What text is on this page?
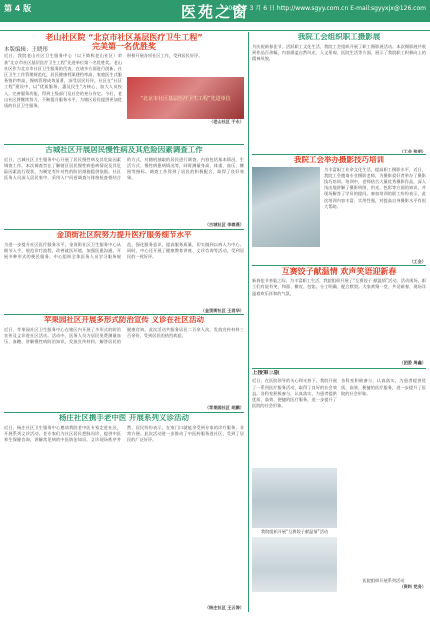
第 4 版	医苑之窗
2016 年 3 月 6 日 http://www.sgyy.com.cn E-mail:sgyyxjx@126.com
本版编辑：王晓彤
老山社区院 “北京市社区基层医疗卫生工程”
完美第一名优胜奖
近日，我院老山社区卫生服务中心（以下简称老山社区）荣获“北京市社区基层医疗卫生工程”先进单位第一名优胜奖。老山社区作为北京市社区卫生服务的代表，在诸多方面进行创新，社区卫生工作管理规范化，居民健康档案建档率高，家庭医生式服务签约率高，慢病管理成效显著，深受居民好评。社区在“社区工程”建设中，以“优质服务、惠及民生”为核心，加大人员投入，完善服务功能，得到上级部门及社会的充分肯定。今后，老山社区将继续努力，不断提升服务水平，为辖区居民提供更加优质的社区卫生服务。
积极开展各项社区工作，受到居民好评。
“北京市社区基层医疗卫生工程”先进单位
（老山社区 于永）
古城社区开展居民慢性病及其危险因素调查工作
近日，古城社区卫生服务中心开展了居民慢性病及其危险因素调查工作。本次调查旨在了解辖区居民慢性病患病情况及其危险因素流行现状，为制定有针对性的防治措施提供依据。社区医务人员深入居民家中，采用入户问卷调查与体格检查相结合的方式，对随机抽取的居民进行调查，内容包括基本情况、生活方式、慢性病患病情况等，同时测量身高、体重、血压、腰围等指标。调查工作得到了居民的积极配合，取得了良好效果。
（古城社区 李春燕）
金顶街社区院努力提升医疗服务细节水平
为进一步提升社区医疗服务水平，金顶街社区卫生服务中心从细节入手，规范诊疗流程，改善就医环境，加强医患沟通，开展多种形式的便民服务。中心组织全体医务人员学习服务规范，强化服务意识，提高服务质量，切实做到以病人为中心。同时，中心还开展了健康教育讲座、义诊咨询等活动，受到居民的一致好评。
（金顶街社区 王君华）
苹果园社区开展多形式防治宣传 义诊在社区活动
近日，苹果园社区卫生服务中心在辖区内开展了多形式的防治宣传及义诊进社区活动。活动中，医务人员为居民免费测量血压、血糖，讲解慢性病防治知识，发放宣传材料，解答居民的健康咨询。此次活动共服务居民二百余人次，发放宣传材料三百余份，受到居民的热烈欢迎。
（苹果园社区 胡鹏）
杨庄社区携手老中医 开展系列义诊活动
近日，杨庄社区卫生服务中心邀请我院老中医专家走进社区，开展系列义诊活动。老专家们为社区居民把脉问诊，提供中医养生保健咨询，讲解常见病的中医防治知识。义诊现场秩序井然，居民纷纷表示，在家门口就能享受到专家的诊疗服务，非常方便。此次活动进一步推动了中医药服务进社区，受到了居民的广泛好评。
（杨庄社区 王云涛）
我院工会组织职工摄影展
为庆祝新春佳节，活跃职工文化生活，我院工会组织开展了职工摄影展活动。本次摄影展共收到作品百余幅，内容涵盖自然风光、人文景观、医院生活等方面，展示了我院职工积极向上的精神风貌。
（工会 张明）
我院工会举办摄影技巧培训
为丰富职工业余文化生活，提高职工摄影水平，近日，我院工会邀请专业摄影老师，为摄影爱好者举办了摄影技巧培训。培训中，老师结合大量优秀摄影作品，深入浅出地讲解了摄影构图、用光、色彩等方面的知识，并现场解答了学员的提问。参加培训的职工纷纷表示，此次培训内容丰富、实用性强，对提高自身摄影水平有很大帮助。
（工会）
互赛饺子献温情 欢声笑语迎新春
新春佳节来临之际，为丰富职工生活，我院组织开展了“互赛饺子 献温情”活动。活动现场，职工们有说有笑，和面、擀皮、包馅，分工明确，配合默契。大家欢聚一堂，共话新春，现场洋溢着欢乐祥和的气氛。
（团委 周鑫）
上接第三版
近日，在医院领导的关心和支持下，我院开展了一系列医疗服务活动，取得了良好的社会效益。各科室积极参与，认真落实，为患者提供优质、高效、便捷的医疗服务，进一步提升了医院的社会形象。
我院组织开展“互赛饺子献温情”活动
各科室积极参与，认真落实，为患者提供优质、高效、便捷的医疗服务，进一步提升了医院的社会形象。
医院组织开展系列活动
（资料 党务）
